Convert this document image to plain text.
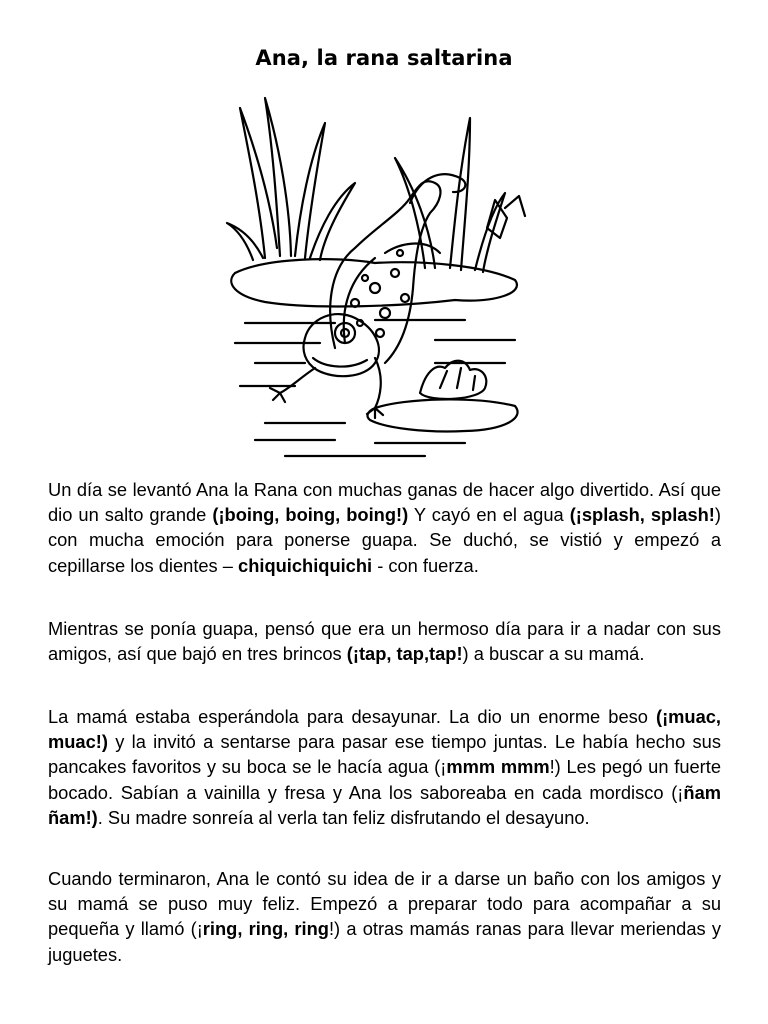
Ana, la rana saltarina
Un día se levantó Ana la Rana con muchas ganas de hacer algo divertido. Así que dio un salto grande (¡boing, boing, boing!) Y cayó en el agua (¡splash, splash!) con mucha emoción para ponerse guapa. Se duchó, se vistió y empezó a cepillarse los dientes – chiquichiquichi - con fuerza.
Mientras se ponía guapa, pensó que era un hermoso día para ir a nadar con sus amigos, así que bajó en tres brincos (¡tap, tap,tap!) a buscar a su mamá.
La mamá estaba esperándola para desayunar. La dio un enorme beso (¡muac, muac!) y la invitó a sentarse para pasar ese tiempo juntas. Le había hecho sus pancakes favoritos y su boca se le hacía agua (¡mmm mmm!) Les pegó un fuerte bocado. Sabían a vainilla y fresa y Ana los saboreaba en cada mordisco (¡ñam ñam!). Su madre sonreía al verla tan feliz disfrutando el desayuno.
Cuando terminaron, Ana le contó su idea de ir a darse un baño con los amigos y su mamá se puso muy feliz. Empezó a preparar todo para acompañar a su pequeña y llamó (¡ring, ring, ring!) a otras mamás ranas para llevar meriendas y juguetes.
